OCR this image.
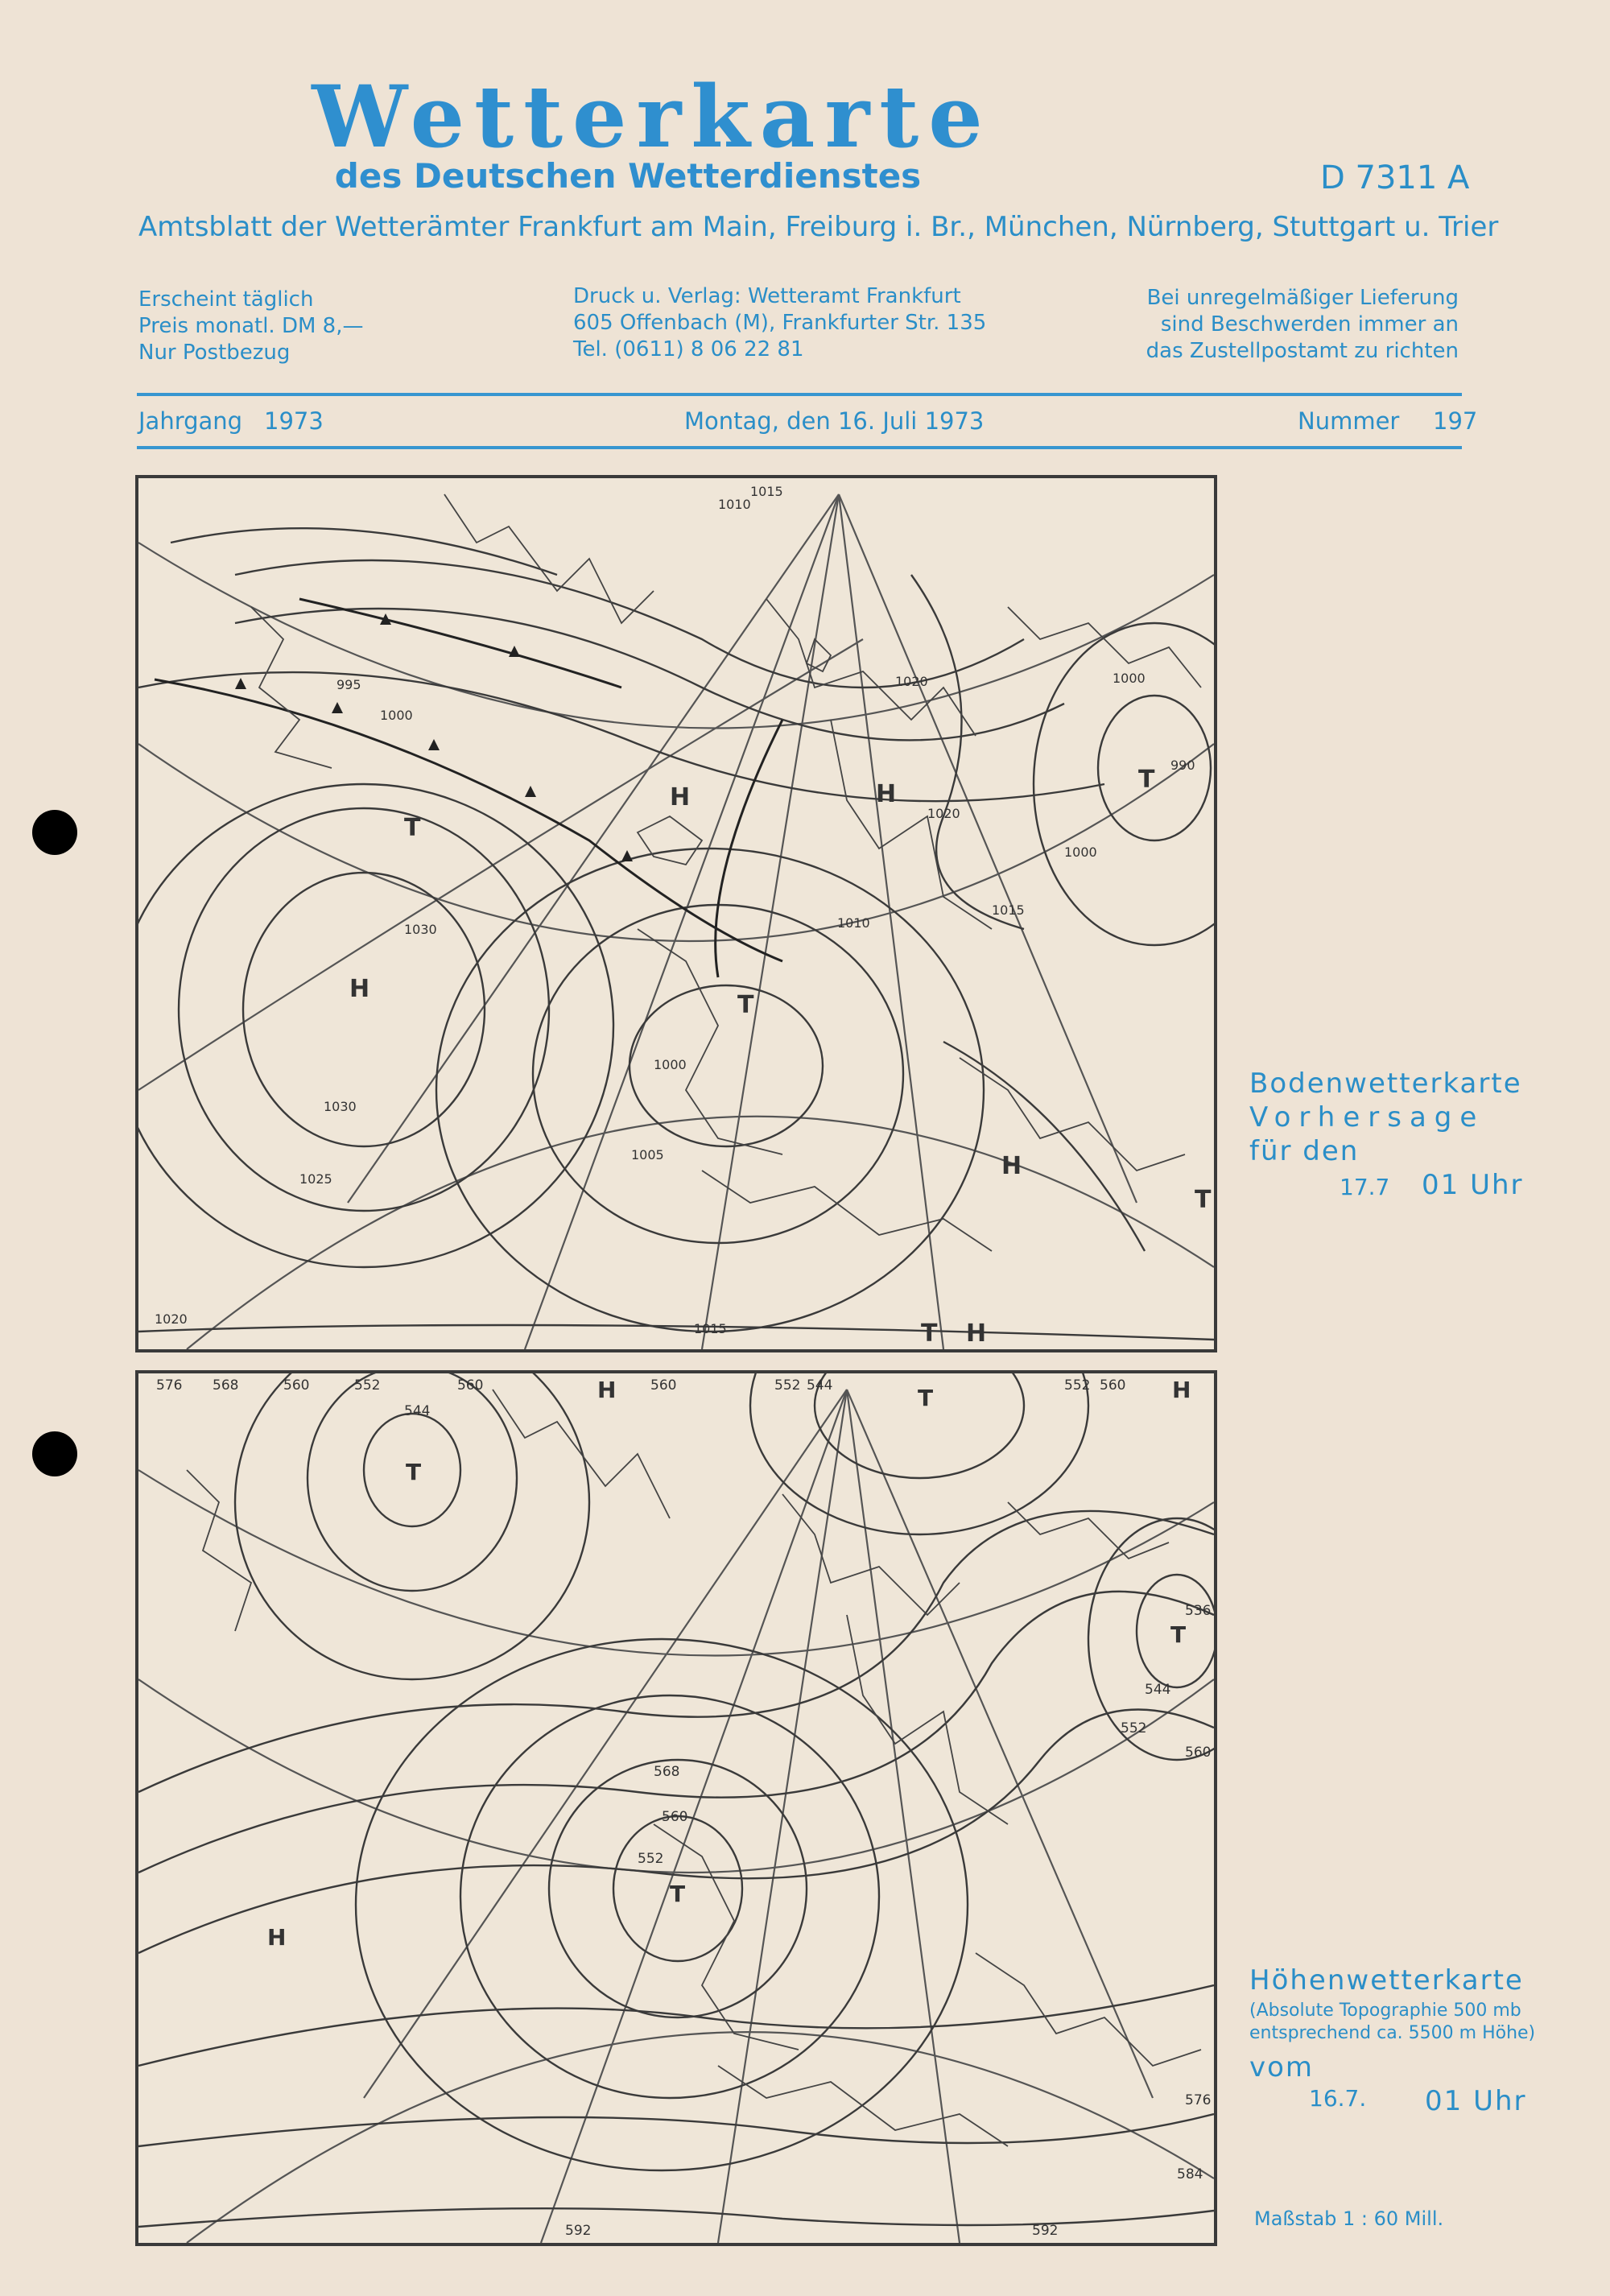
Wetterkarte
des Deutschen Wetterdienstes	D 7311 A
Amtsblatt der Wetterämter Frankfurt am Main, Freiburg i. Br., München, Nürnberg, Stuttgart u. Trier
Erscheint täglich
Preis monatl. DM 8,—
Nur Postbezug
Druck u. Verlag: Wetteramt Frankfurt
605 Offenbach (M), Frankfurter Str. 135
Tel. (0611) 8 06 22 81
Bei unregelmäßiger Lieferung
sind Beschwerden immer an
das Zustellpostamt zu richten
Jahrgang 1973	Montag, den 16. Juli 1973	Nummer 197
H
H	H
H
H
T
T
T
T
T
1030
1030
1020
1025
1000
995
1000
1010
1015
1020
1005
990
1000
1000
1015
1020
1010
1015
Bodenwetterkarte
Vorhersage
für den
17.7 01 Uhr
T
T
T
T
H	H
H
576 568	560	552	560	560	552 544	552 560
544
536
544
552
560
576
584
592
592
560
568
552
Höhenwetterkarte
(Absolute Topographie 500 mb
entsprechend ca. 5500 m Höhe)
vom
16.7. 01 Uhr
Maßstab 1 : 60 Mill.
